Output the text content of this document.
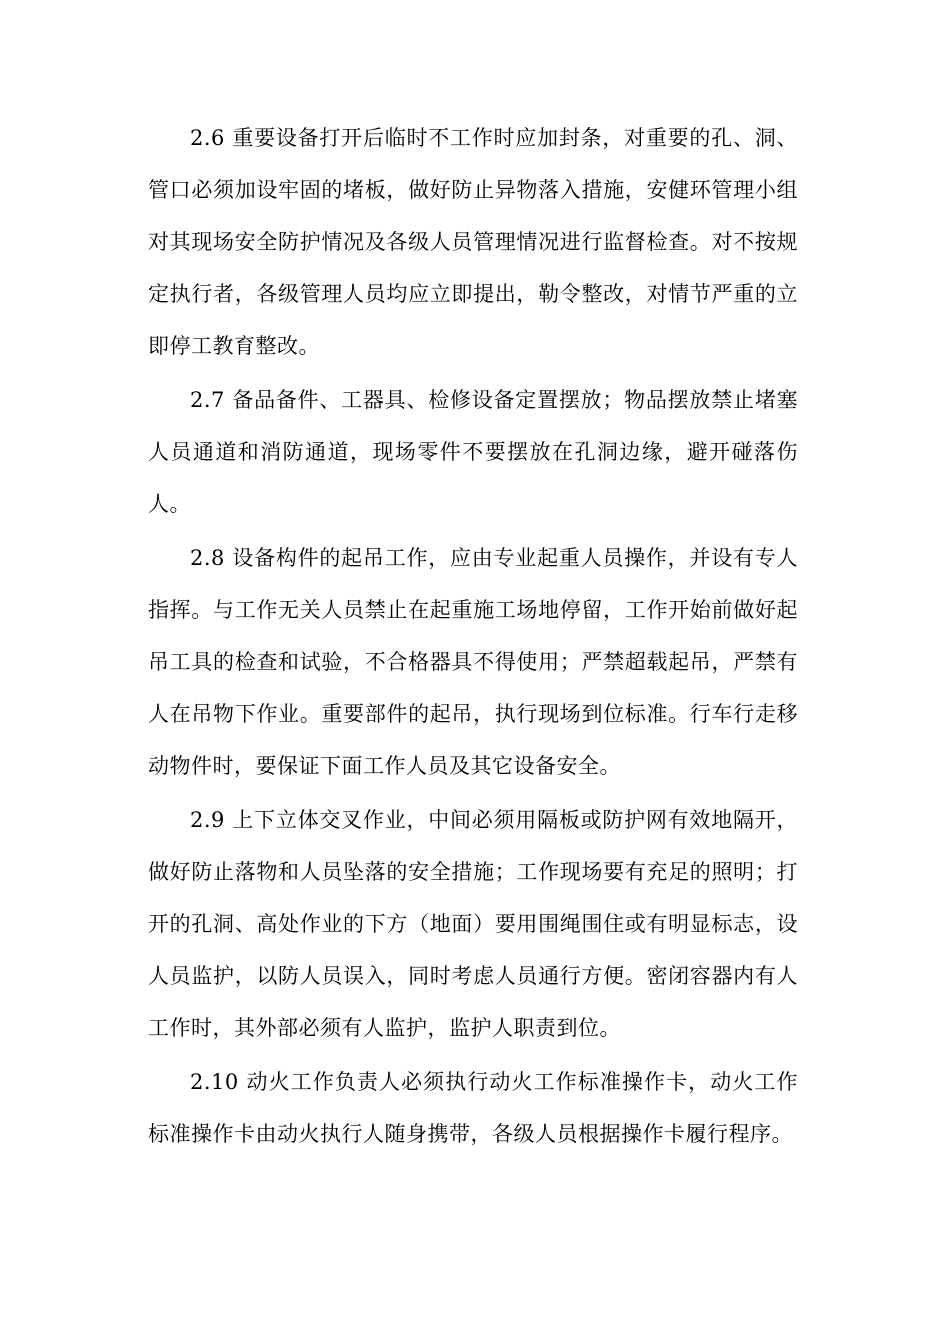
2.6 重要设备打开后临时不工作时应加封条，对重要的孔、洞、管口必须加设牢固的堵板，做好防止异物落入措施，安健环管理小组对其现场安全防护情况及各级人员管理情况进行监督检查。对不按规定执行者，各级管理人员均应立即提出，勒令整改，对情节严重的立即停工教育整改。

2.7 备品备件、工器具、检修设备定置摆放；物品摆放禁止堵塞人员通道和消防通道，现场零件不要摆放在孔洞边缘，避开碰落伤人。

2.8 设备构件的起吊工作，应由专业起重人员操作，并设有专人指挥。与工作无关人员禁止在起重施工场地停留，工作开始前做好起吊工具的检查和试验，不合格器具不得使用；严禁超载起吊，严禁有人在吊物下作业。重要部件的起吊，执行现场到位标准。行车行走移动物件时，要保证下面工作人员及其它设备安全。

2.9 上下立体交叉作业，中间必须用隔板或防护网有效地隔开，做好防止落物和人员坠落的安全措施；工作现场要有充足的照明；打开的孔洞、高处作业的下方（地面）要用围绳围住或有明显标志，设人员监护，以防人员误入，同时考虑人员通行方便。密闭容器内有人工作时，其外部必须有人监护，监护人职责到位。

2.10 动火工作负责人必须执行动火工作标准操作卡，动火工作标准操作卡由动火执行人随身携带，各级人员根据操作卡履行程序。
